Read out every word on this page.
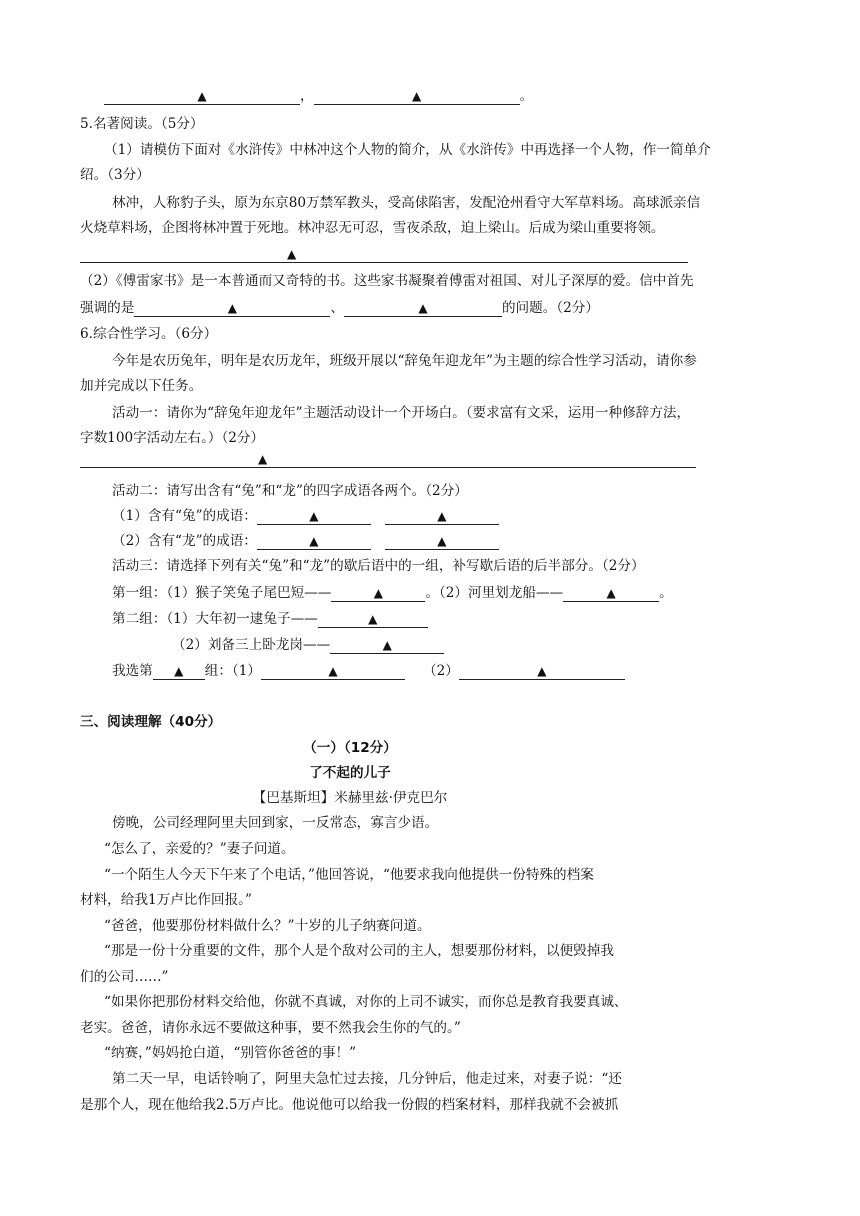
▲	，	▲	。
5.名著阅读。（5分）
（1）请模仿下面对《水浒传》中林冲这个人物的简介，从《水浒传》中再选择一个人物，作一简单介
绍。（3分）
林冲，人称豹子头，原为东京80万禁军教头，受高俅陷害，发配沧州看守大军草料场。高球派亲信
火烧草料场，企图将林冲置于死地。林冲忍无可忍，雪夜杀敌，迫上梁山。后成为梁山重要将领。
▲
（2）《傅雷家书》是一本普通而又奇特的书。这些家书凝聚着傅雷对祖国、对儿子深厚的爱。信中首先
强调的是	▲	、	▲	的问题。（2分）
6.综合性学习。（6分）
今年是农历兔年，明年是农历龙年，班级开展以“辞兔年迎龙年”为主题的综合性学习活动，请你参
加并完成以下任务。
活动一：请你为“辞兔年迎龙年”主题活动设计一个开场白。（要求富有文采，运用一种修辞方法，
字数100字活动左右。）（2分）
▲
活动二：请写出含有“兔”和“龙”的四字成语各两个。（2分）
（1）含有“兔”的成语：	▲	▲
（2）含有“龙”的成语：	▲	▲
活动三：请选择下列有关“兔”和“龙”的歇后语中的一组，补写歇后语的后半部分。（2分）
第一组：（1）猴子笑兔子尾巴短——	▲	。（2）河里划龙船——	▲	。
第二组：（1）大年初一逮兔子——	▲
（2）刘备三上卧龙岗——	▲
我选第 ▲ 组：（1）	▲	（2）	▲
三、阅读理解（40分）
（一）（12分）
了不起的儿子
【巴基斯坦】米赫里兹·伊克巴尔
傍晚，公司经理阿里夫回到家，一反常态，寡言少语。
“怎么了，亲爱的？”妻子问道。
“一个陌生人今天下午来了个电话，”他回答说，“他要求我向他提供一份特殊的档案
材料，给我1万卢比作回报。”
“爸爸，他要那份材料做什么？”十岁的儿子纳赛问道。
“那是一份十分重要的文件，那个人是个敌对公司的主人，想要那份材料，以便毁掉我
们的公司……”
“如果你把那份材料交给他，你就不真诚，对你的上司不诚实，而你总是教育我要真诚、
老实。爸爸，请你永远不要做这种事，要不然我会生你的气的。”
“纳赛，”妈妈抢白道，“别管你爸爸的事！”
第二天一早，电话铃响了，阿里夫急忙过去接，几分钟后，他走过来，对妻子说：“还
是那个人，现在他给我2.5万卢比。他说他可以给我一份假的档案材料，那样我就不会被抓
